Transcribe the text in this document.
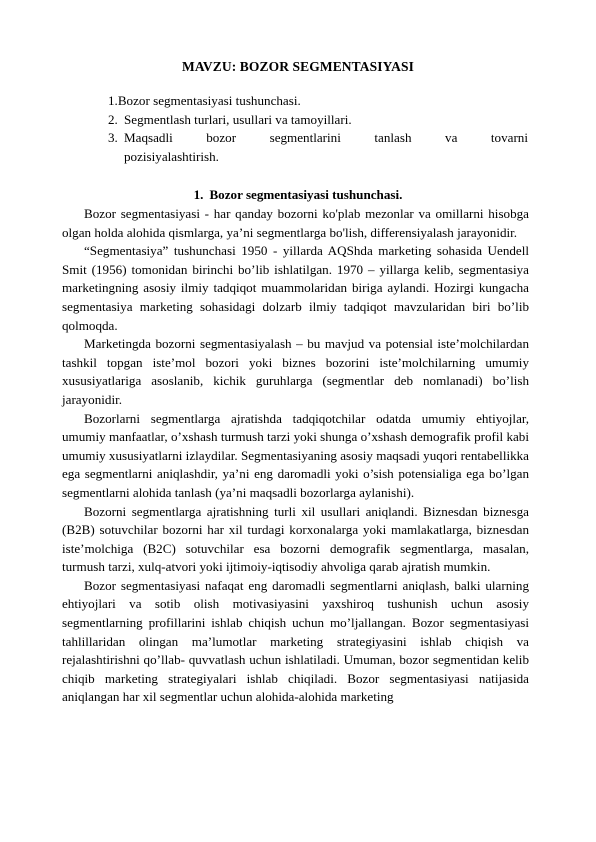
MAVZU: BOZOR SEGMENTASIYASI
1.Bozor segmentasiyasi tushunchasi.
2. Segmentlash turlari, usullari va tamoyillari.
3. Maqsadli bozor segmentlarini tanlash va tovarni
pozisiyalashtirish.
1. Bozor segmentasiyasi tushunchasi.

Bozor segmentasiyasi - har qanday bozorni ko'plab mezonlar va omillarni hisobga olgan holda alohida qismlarga, ya’ni segmentlarga bo'lish, differensiyalash jarayonidir.

“Segmentasiya” tushunchasi 1950 - yillarda AQShda marketing sohasida Uendell Smit (1956) tomonidan birinchi bo’lib ishlatilgan. 1970 – yillarga kelib, segmentasiya marketingning asosiy ilmiy tadqiqot muammolaridan biriga aylandi. Hozirgi kungacha segmentasiya marketing sohasidagi dolzarb ilmiy tadqiqot mavzularidan biri bo’lib qolmoqda.

Marketingda bozorni segmentasiyalash – bu mavjud va potensial iste’molchilardan tashkil topgan iste’mol bozori yoki biznes bozorini iste’molchilarning umumiy xususiyatlariga asoslanib, kichik guruhlarga (segmentlar deb nomlanadi) bo’lish jarayonidir.

Bozorlarni segmentlarga ajratishda tadqiqotchilar odatda umumiy ehtiyojlar, umumiy manfaatlar, o’xshash turmush tarzi yoki shunga o’xshash demografik profil kabi umumiy xususiyatlarni izlaydilar. Segmentasiyaning asosiy maqsadi yuqori rentabellikka ega segmentlarni aniqlashdir, ya’ni eng daromadli yoki o’sish potensialiga ega bo’lgan segmentlarni alohida tanlash (ya’ni maqsadli bozorlarga aylanishi).

Bozorni segmentlarga ajratishning turli xil usullari aniqlandi. Biznesdan biznesga (B2B) sotuvchilar bozorni har xil turdagi korxonalarga yoki mamlakatlarga, biznesdan iste’molchiga (B2C) sotuvchilar esa bozorni demografik segmentlarga, masalan, turmush tarzi, xulq-atvori yoki ijtimoiy-iqtisodiy ahvoliga qarab ajratish mumkin.

Bozor segmentasiyasi nafaqat eng daromadli segmentlarni aniqlash, balki ularning ehtiyojlari va sotib olish motivasiyasini yaxshiroq tushunish uchun asosiy segmentlarning profillarini ishlab chiqish uchun mo’ljallangan. Bozor segmentasiyasi tahlillaridan olingan ma’lumotlar marketing strategiyasini ishlab chiqish va rejalashtirishni qo’llab- quvvatlash uchun ishlatiladi. Umuman, bozor segmentidan kelib chiqib marketing strategiyalari ishlab chiqiladi. Bozor segmentasiyasi natijasida aniqlangan har xil segmentlar uchun alohida-alohida marketing
